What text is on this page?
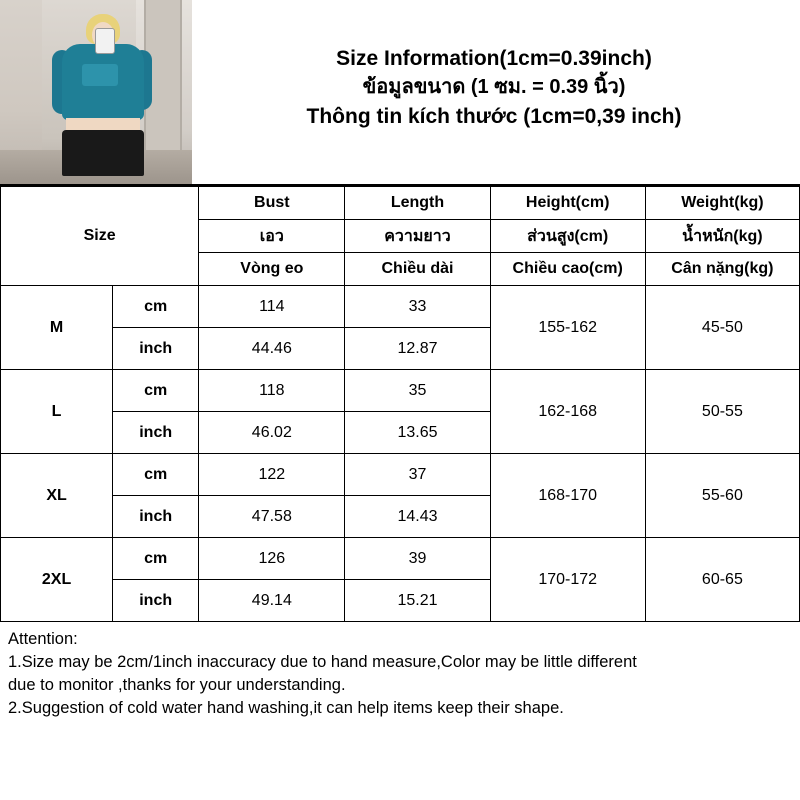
Size Information(1cm=0.39inch)
ข้อมูลขนาด (1 ซม. = 0.39 นิ้ว)
Thông tin kích thước (1cm=0,39 inch)
Size		Bust	Length	Height(cm)	Weight(kg)
		เอว	ความยาว	ส่วนสูง(cm)	น้ำหนัก(kg)
		Vòng eo	Chiều dài	Chiều cao(cm)	Cân nặng(kg)
M	cm	114	33	155-162	45-50
	inch	44.46	12.87		
L	cm	118	35	162-168	50-55
	inch	46.02	13.65		
XL	cm	122	37	168-170	55-60
	inch	47.58	14.43		
2XL	cm	126	39	170-172	60-65
	inch	49.14	15.21		
Attention:
1.Size may be 2cm/1inch inaccuracy due to hand measure,Color may be little different
due to monitor ,thanks for your understanding.
2.Suggestion of cold water hand washing,it can help items keep their shape.
